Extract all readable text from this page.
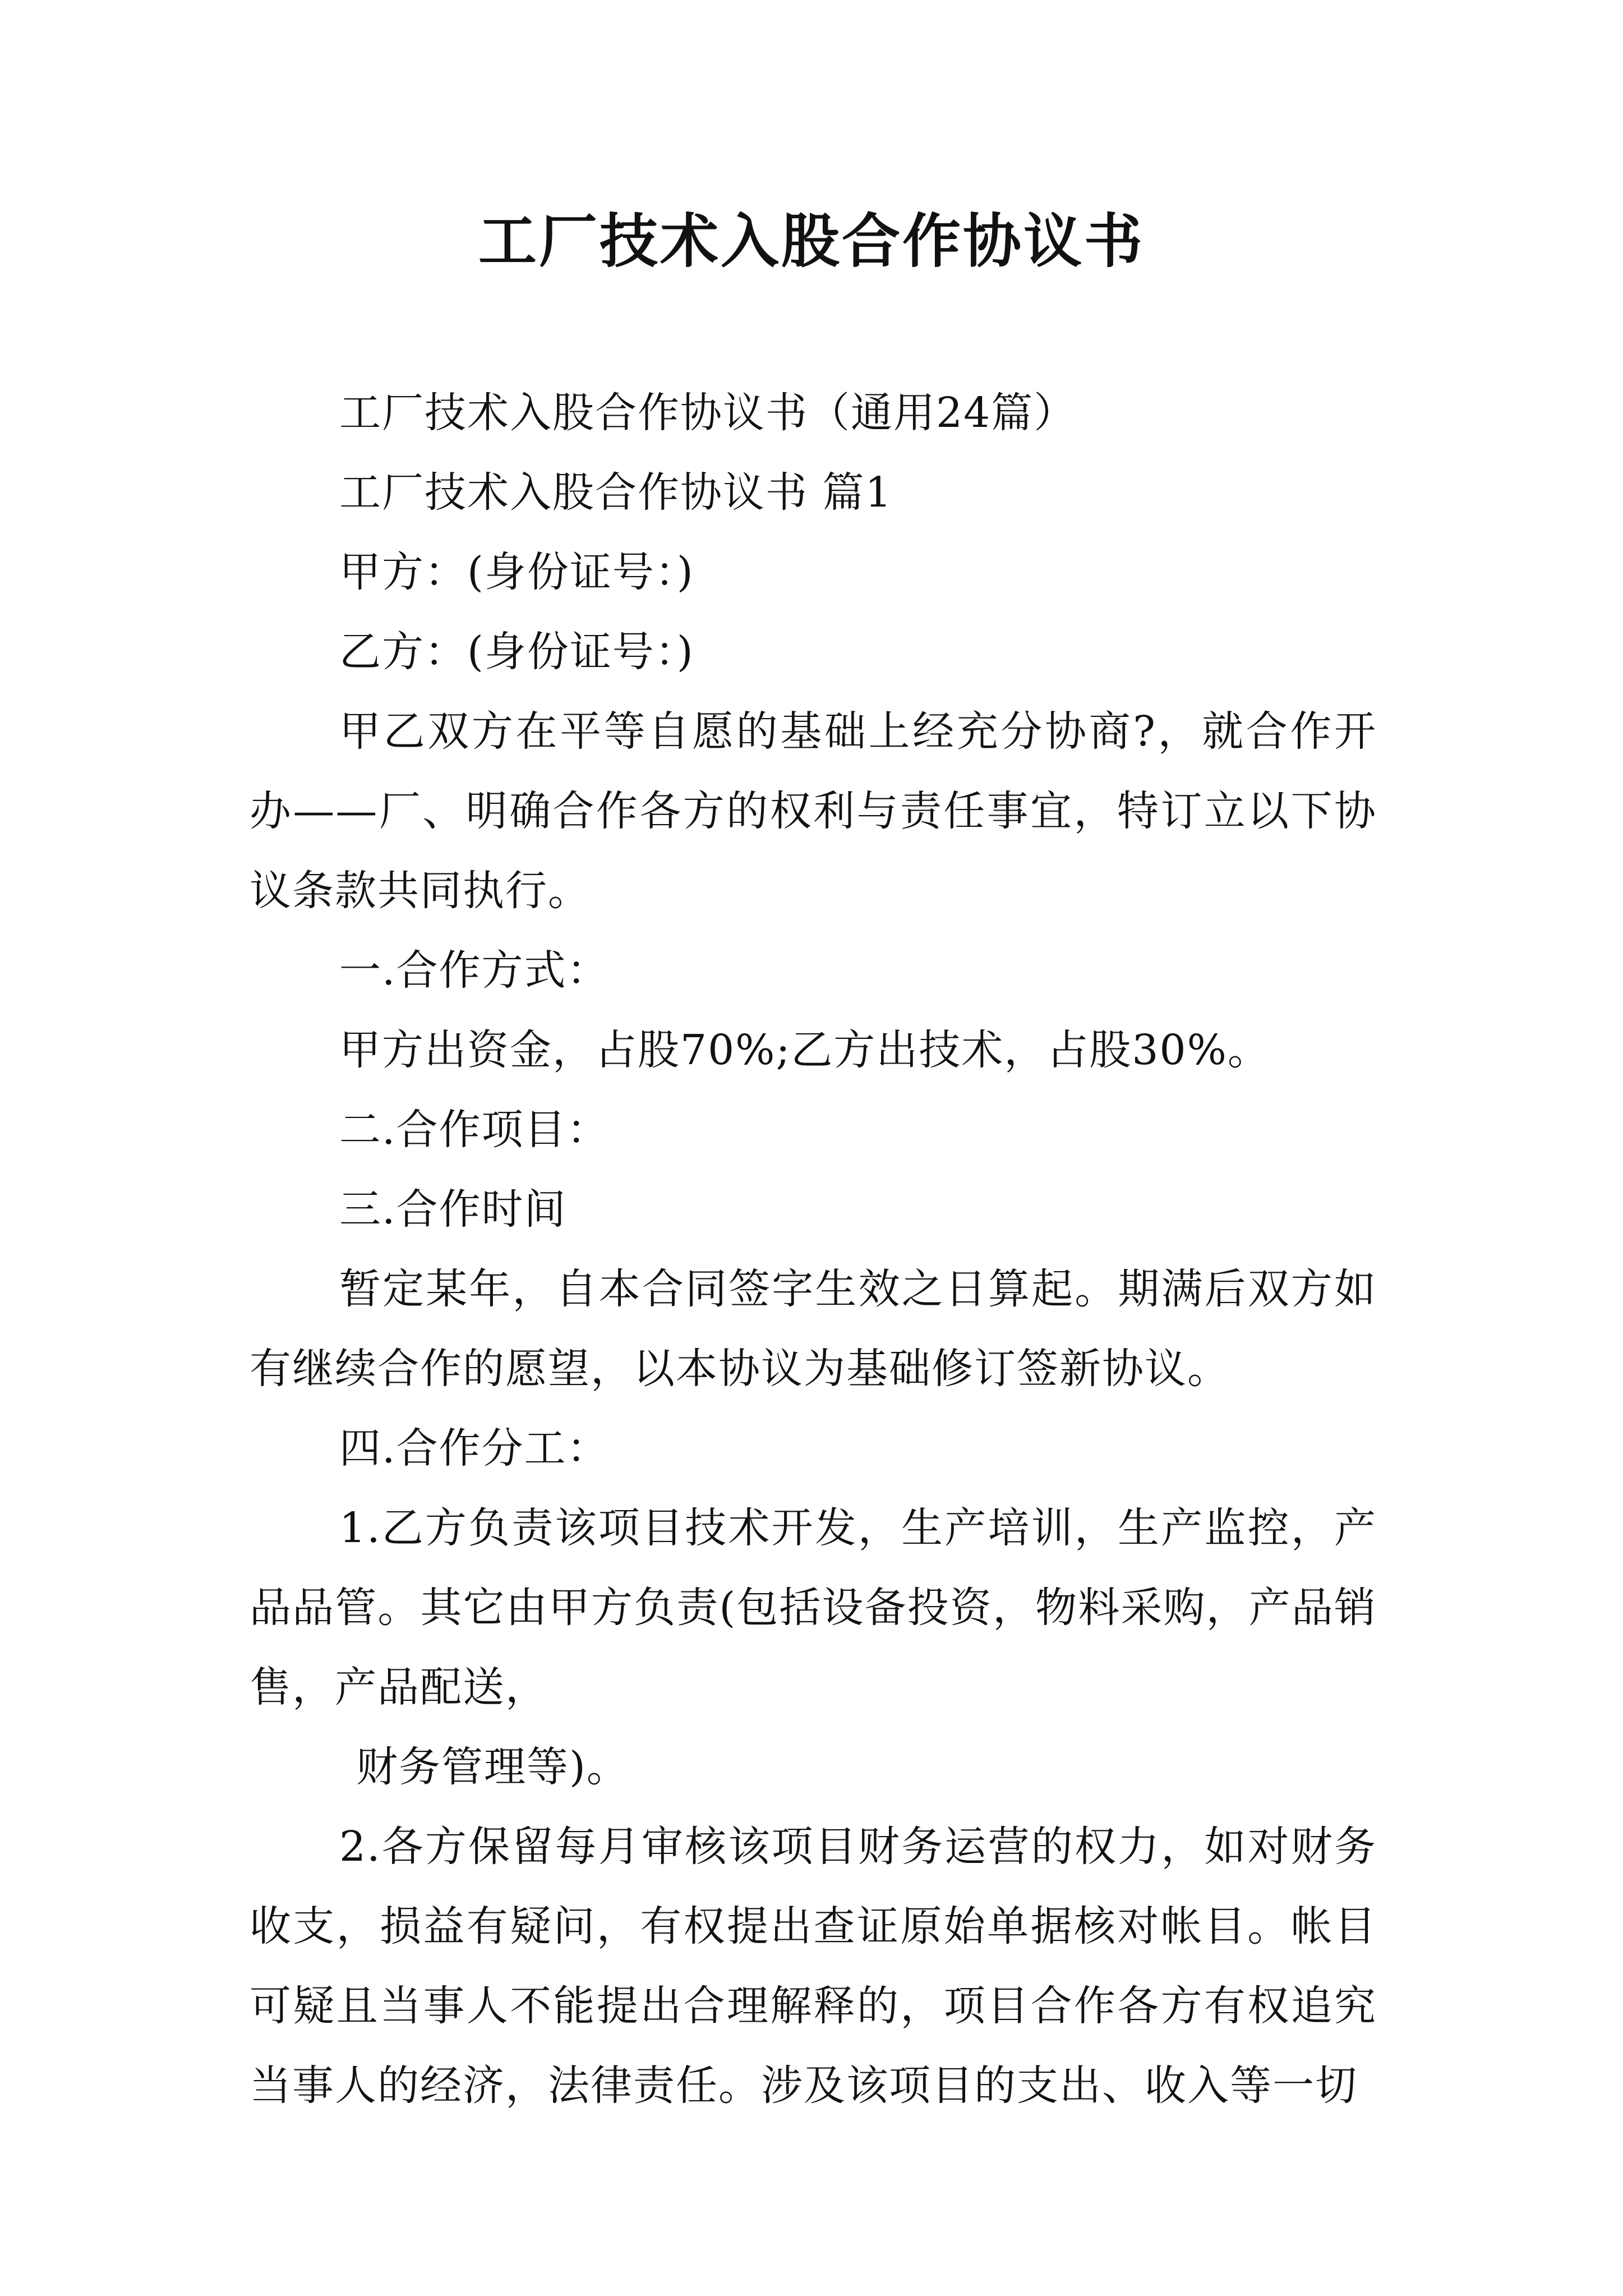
工厂技术入股合作协议书

工厂技术入股合作协议书（通用24篇）

工厂技术入股合作协议书 篇1

甲方：(身份证号：)

乙方：(身份证号：)

甲乙双方在平等自愿的基础上经充分协商?，就合作开办——厂、明确合作各方的权利与责任事宜，特订立以下协议条款共同执行。

一.合作方式：

甲方出资金，占股70%;乙方出技术，占股30%。

二.合作项目：

三.合作时间

暂定某年，自本合同签字生效之日算起。期满后双方如有继续合作的愿望，以本协议为基础修订签新协议。

四.合作分工：

1.乙方负责该项目技术开发，生产培训，生产监控，产品品管。其它由甲方负责(包括设备投资，物料采购，产品销售，产品配送，

财务管理等)。

2.各方保留每月审核该项目财务运营的权力，如对财务收支，损益有疑问，有权提出查证原始单据核对帐目。帐目可疑且当事人不能提出合理解释的，项目合作各方有权追究当事人的经济，法律责任。涉及该项目的支出、收入等一切
